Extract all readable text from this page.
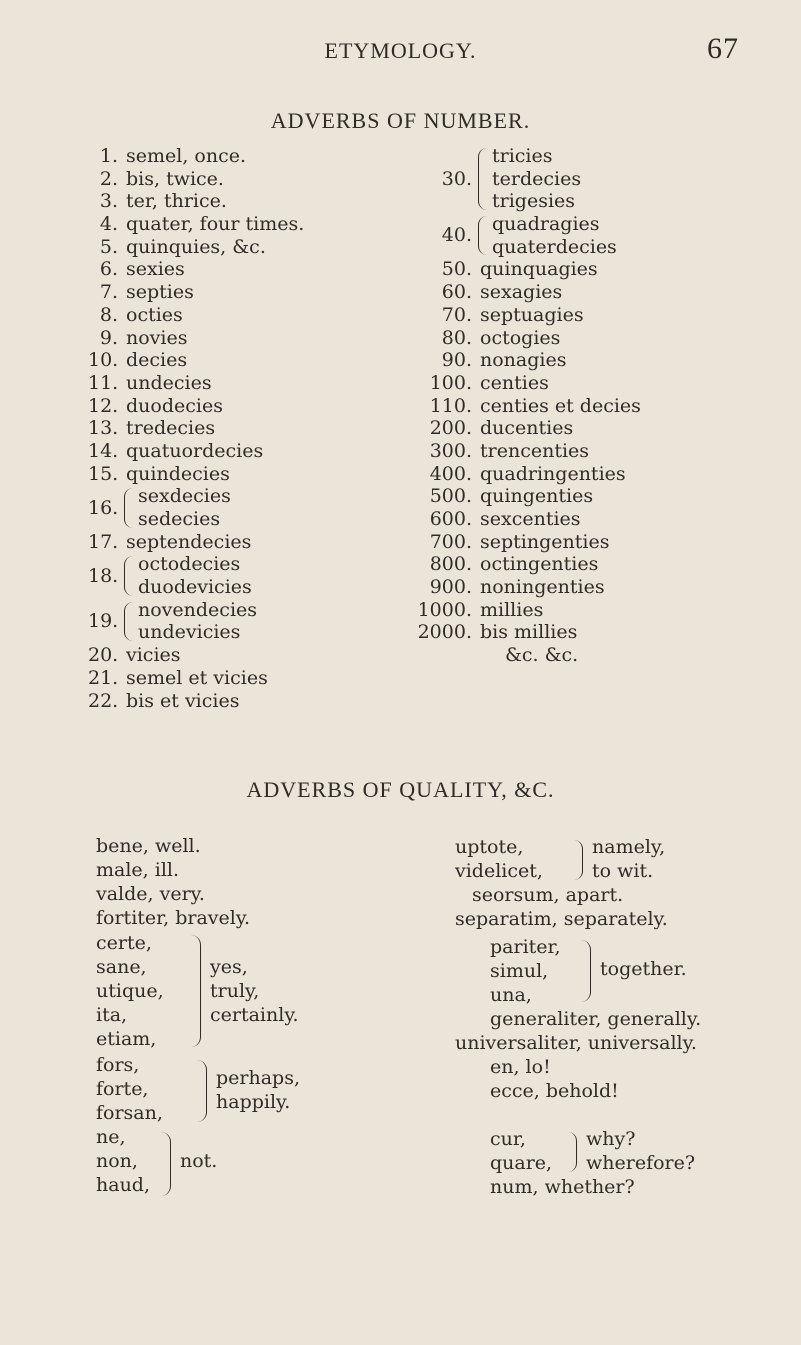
ETYMOLOGY.	67
ADVERBS OF NUMBER.
1. semel, once.
2. bis, twice.
3. ter, thrice.
4. quater, four times.
5. quinquies, &c.
6. sexies
7. septies
8. octies
9. novies
10. decies
11. undecies
12. duodecies
13. tredecies
14. quatuordecies
15. quindecies
16.
sexdecies
sedecies
17. septendecies
18.
octodecies
duodevicies
19.
novendecies
undevicies
20. vicies
21. semel et vicies
22. bis et vicies
30.
tricies
terdecies
trigesies
40.
quadragies
quaterdecies
50. quinquagies
60. sexagies
70. septuagies
80. octogies
90. nonagies
100. centies
110. centies et decies
200. ducenties
300. trencenties
400. quadringenties
500. quingenties
600. sexcenties
700. septingenties
800. octingenties
900. noningenties
1000. millies
2000. bis millies
&c. &c.
ADVERBS OF QUALITY, &C.
bene, well.
male, ill.
valde, very.
fortiter, bravely.
certe,
sane,
utique,
ita,
etiam,
yes,
truly,
certainly.
fors,
forte,
forsan,
perhaps,
happily.
ne,
non,
haud,
not.
uptote,
videlicet,
namely,
to wit.
seorsum, apart.
separatim, separately.
pariter,
simul,
una,
together.
generaliter, generally.
universaliter, universally.
en, lo!
ecce, behold!
cur,
quare,
why?
wherefore?
num, whether?
